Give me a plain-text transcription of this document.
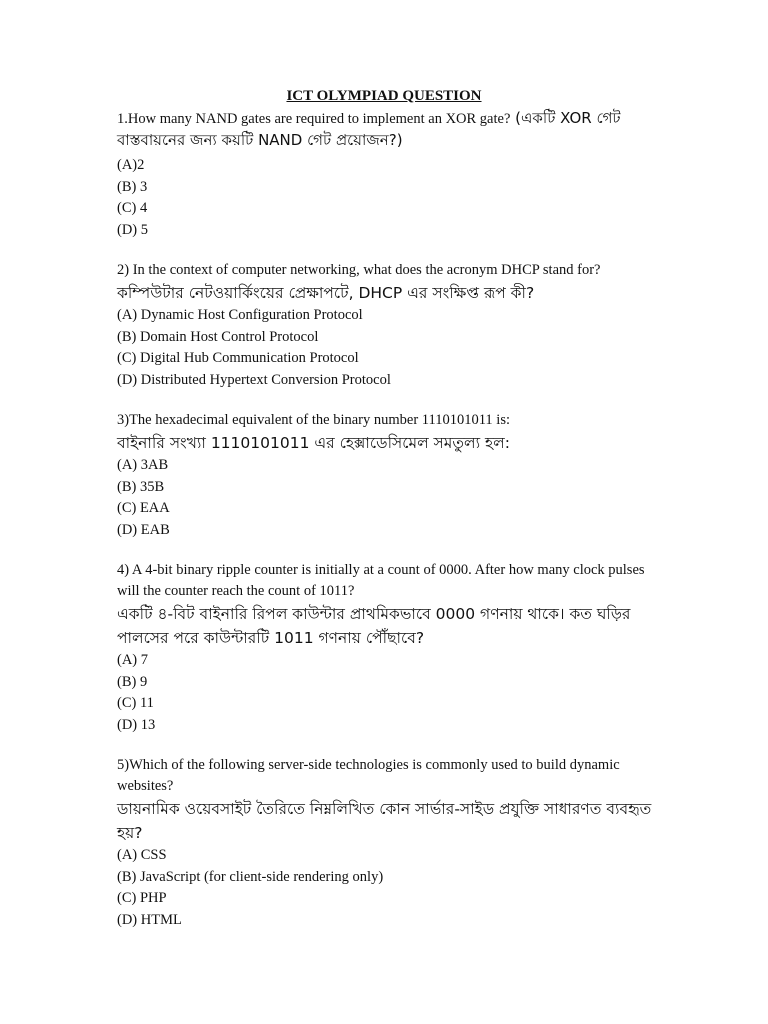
ICT OLYMPIAD QUESTION
1.How many NAND gates are required to implement an XOR gate? (একটি XOR গেট বাস্তবায়নের জন্য কয়টি NAND গেট প্রয়োজন?)
(A)2
(B) 3
(C) 4
(D) 5
2) In the context of computer networking, what does the acronym DHCP stand for?
কম্পিউটার নেটওয়ার্কিংয়ের প্রেক্ষাপটে, DHCP এর সংক্ষিপ্ত রূপ কী?
(A) Dynamic Host Configuration Protocol
(B) Domain Host Control Protocol
(C) Digital Hub Communication Protocol
(D) Distributed Hypertext Conversion Protocol
3)The hexadecimal equivalent of the binary number 1110101011 is:
বাইনারি সংখ্যা 1110101011 এর হেক্সাডেসিমেল সমতুল্য হল:
(A) 3AB
(B) 35B
(C) EAA
(D) EAB
4) A 4-bit binary ripple counter is initially at a count of 0000. After how many clock pulses will the counter reach the count of 1011?
একটি ৪-বিট বাইনারি রিপল কাউন্টার প্রাথমিকভাবে 0000 গণনায় থাকে। কত ঘড়ির পালসের পরে কাউন্টারটি 1011 গণনায় পৌঁছাবে?
(A) 7
(B) 9
(C) 11
(D) 13
5)Which of the following server-side technologies is commonly used to build dynamic websites?
ডায়নামিক ওয়েবসাইট তৈরিতে নিম্নলিখিত কোন সার্ভার-সাইড প্রযুক্তি সাধারণত ব্যবহৃত হয়?
(A) CSS
(B) JavaScript (for client-side rendering only)
(C) PHP
(D) HTML
